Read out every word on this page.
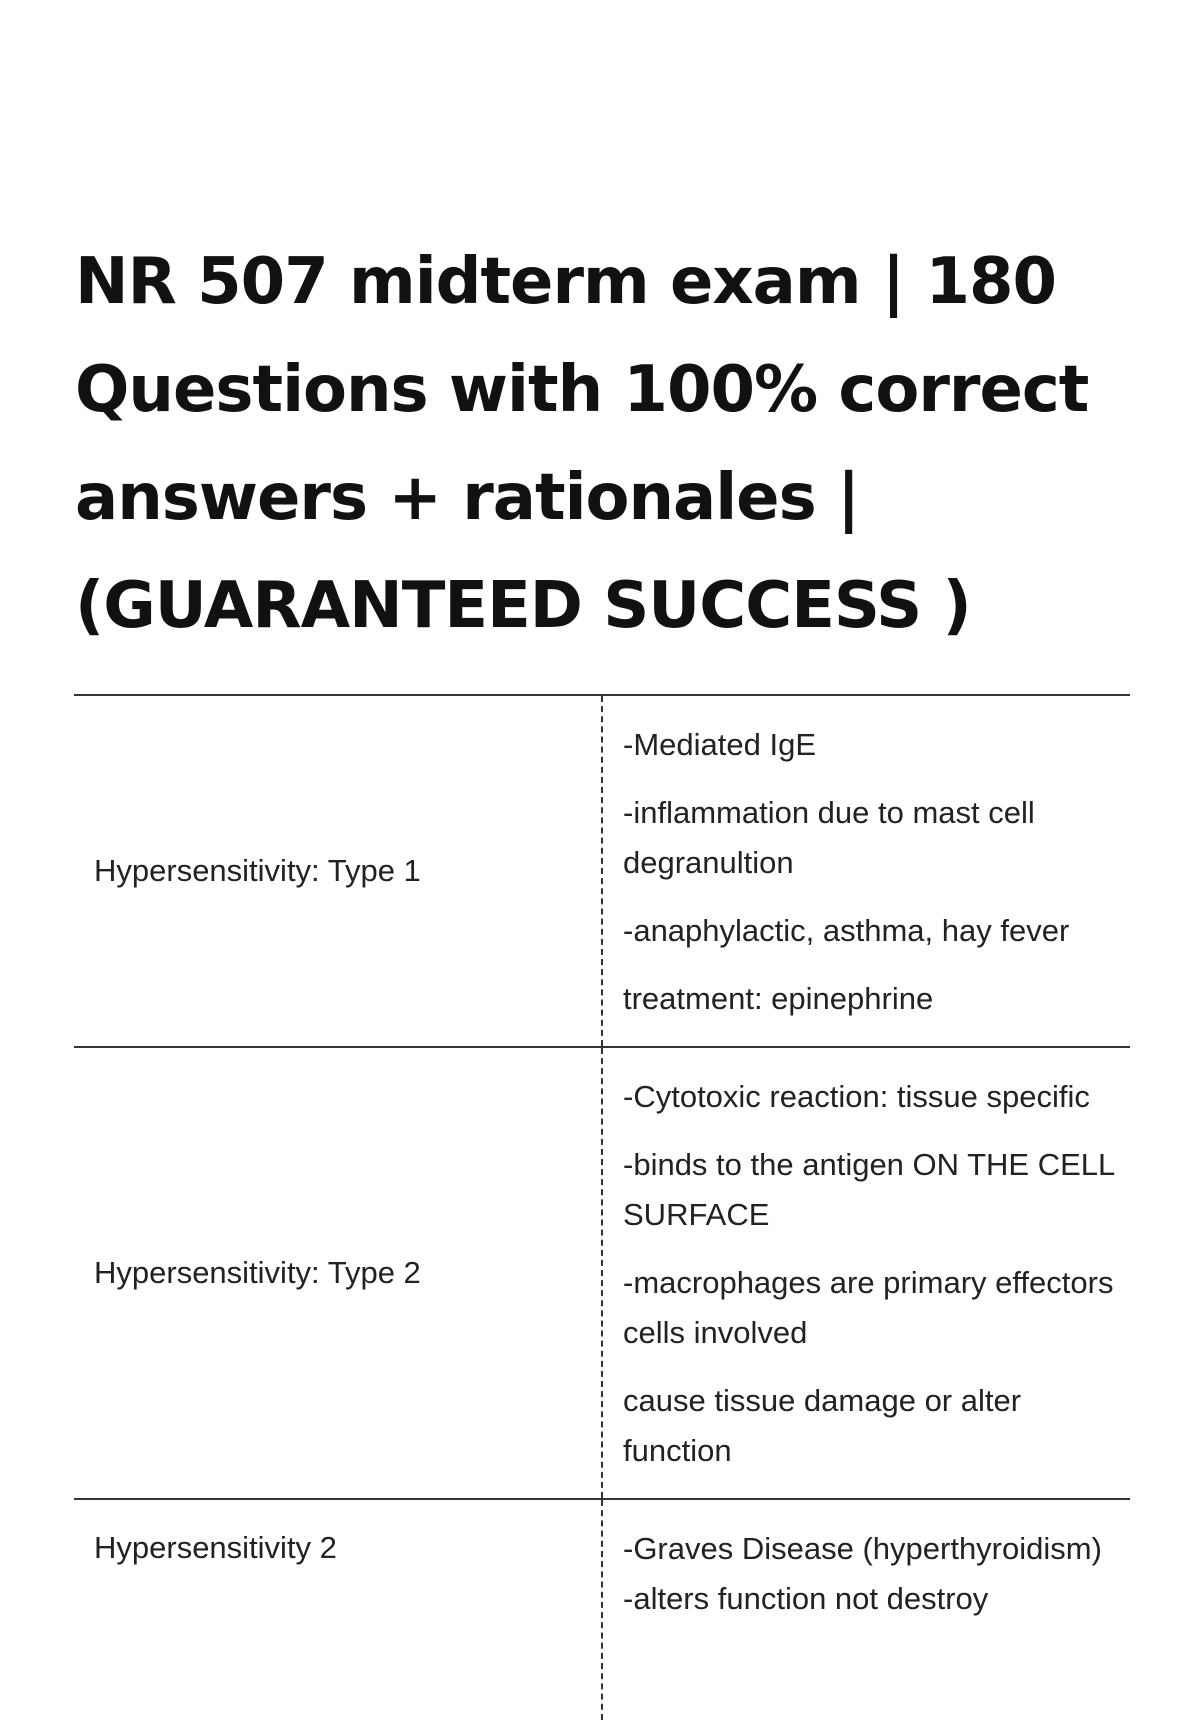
NR 507 midterm exam | 180
Questions with 100% correct
answers + rationales |
(GUARANTEED SUCCESS )
Hypersensitivity: Type 1

-Mediated IgE

-inflammation due to mast cell degranultion

-anaphylactic, asthma, hay fever

treatment: epinephrine

Hypersensitivity: Type 2

-Cytotoxic reaction: tissue specific

-binds to the antigen ON THE CELL SURFACE

-macrophages are primary effectors cells involved

cause tissue damage or alter function

Hypersensitivity 2	-Graves Disease (hyperthyroidism) -alters function not destroy
